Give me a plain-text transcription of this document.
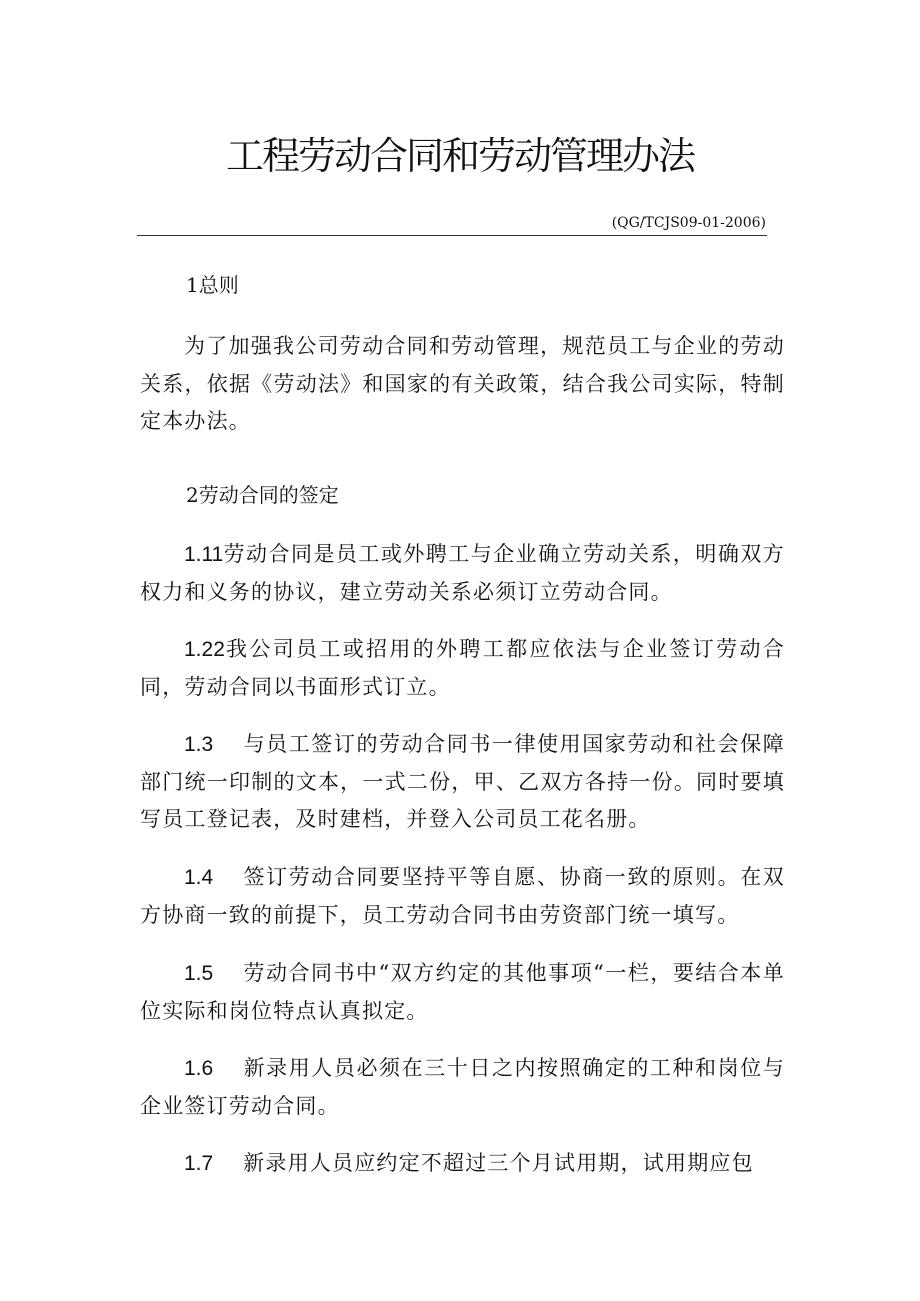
工程劳动合同和劳动管理办法
(QG/TCJS09-01-2006)
1总则

为了加强我公司劳动合同和劳动管理，规范员工与企业的劳动关系，依据《劳动法》和国家的有关政策，结合我公司实际，特制定本办法。

2劳动合同的签定

1.11劳动合同是员工或外聘工与企业确立劳动关系，明确双方权力和义务的协议，建立劳动关系必须订立劳动合同。

1.22我公司员工或招用的外聘工都应依法与企业签订劳动合同，劳动合同以书面形式订立。

1.3 与员工签订的劳动合同书一律使用国家劳动和社会保障部门统一印制的文本，一式二份，甲、乙双方各持一份。同时要填写员工登记表，及时建档，并登入公司员工花名册。

1.4 签订劳动合同要坚持平等自愿、协商一致的原则。在双方协商一致的前提下，员工劳动合同书由劳资部门统一填写。

1.5 劳动合同书中“双方约定的其他事项“一栏，要结合本单位实际和岗位特点认真拟定。

1.6 新录用人员必须在三十日之内按照确定的工种和岗位与企业签订劳动合同。

1.7 新录用人员应约定不超过三个月试用期，试用期应包
